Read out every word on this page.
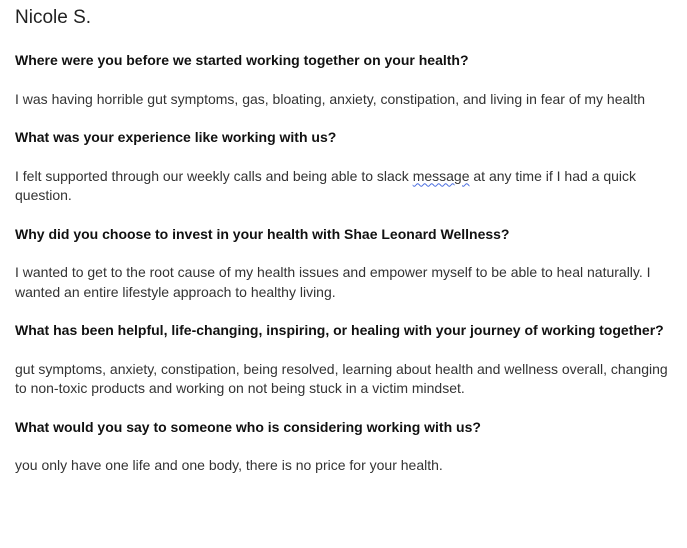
Nicole S.

Where were you before we started working together on your health?

I was having horrible gut symptoms, gas, bloating, anxiety, constipation, and living in fear of my health

What was your experience like working with us?

I felt supported through our weekly calls and being able to slack message at any time if I had a quick question.

Why did you choose to invest in your health with Shae Leonard Wellness?

I wanted to get to the root cause of my health issues and empower myself to be able to heal naturally. I wanted an entire lifestyle approach to healthy living.

What has been helpful, life-changing, inspiring, or healing with your journey of working together?

gut symptoms, anxiety, constipation, being resolved, learning about health and wellness overall, changing to non-toxic products and working on not being stuck in a victim mindset.

What would you say to someone who is considering working with us?

you only have one life and one body, there is no price for your health.
